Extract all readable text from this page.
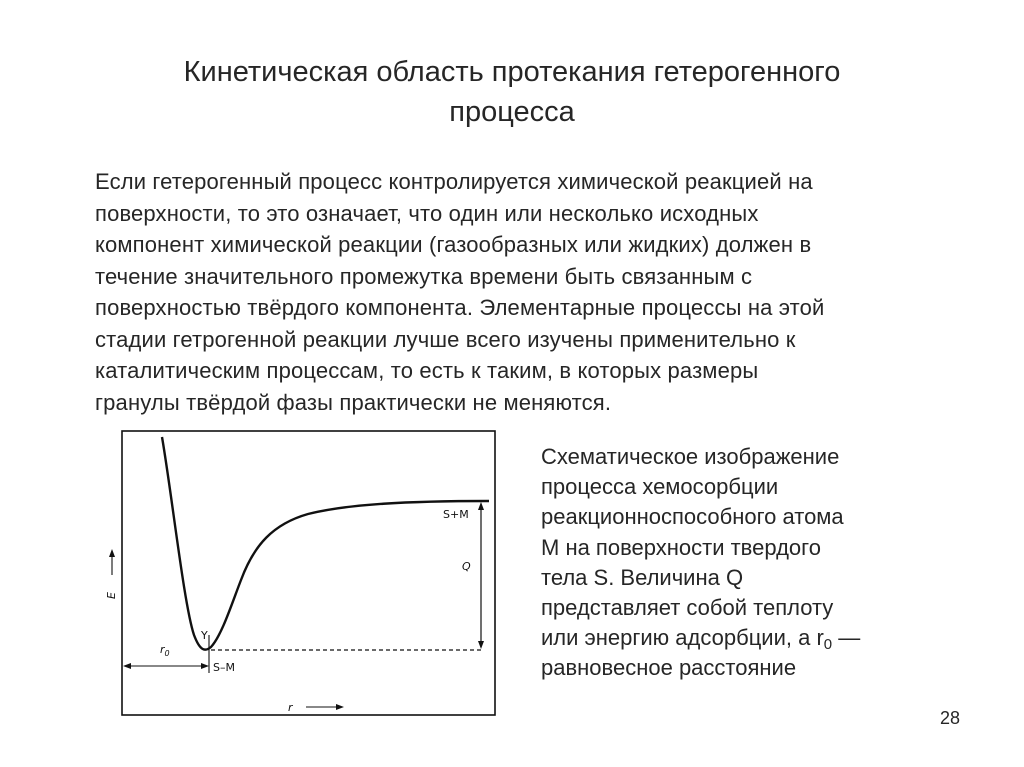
Кинетическая область протекания гетерогенного
процесса

Если гетерогенный процесс контролируется химической реакцией на
поверхности, то это означает, что один или несколько исходных
компонент химической реакции (газообразных или жидких) должен в
течение значительного промежутка времени быть связанным с
поверхностью твёрдого компонента. Элементарные процессы на этой
стадии гетрогенной реакции лучше всего изучены применительно к
каталитическим процессам, то есть к таким, в которых размеры
гранулы твёрдой фазы практически не меняются.

E
r
S+M
Q
Y
S–M
$r_0$

Схематическое изображение
процесса хемосорбции
реакционноспособного атома
М на поверхности твердого
тела S. Величина Q
представляет собой теплоту
или энергию адсорбции, а $r_0$ —
равновесное расстояние

28
